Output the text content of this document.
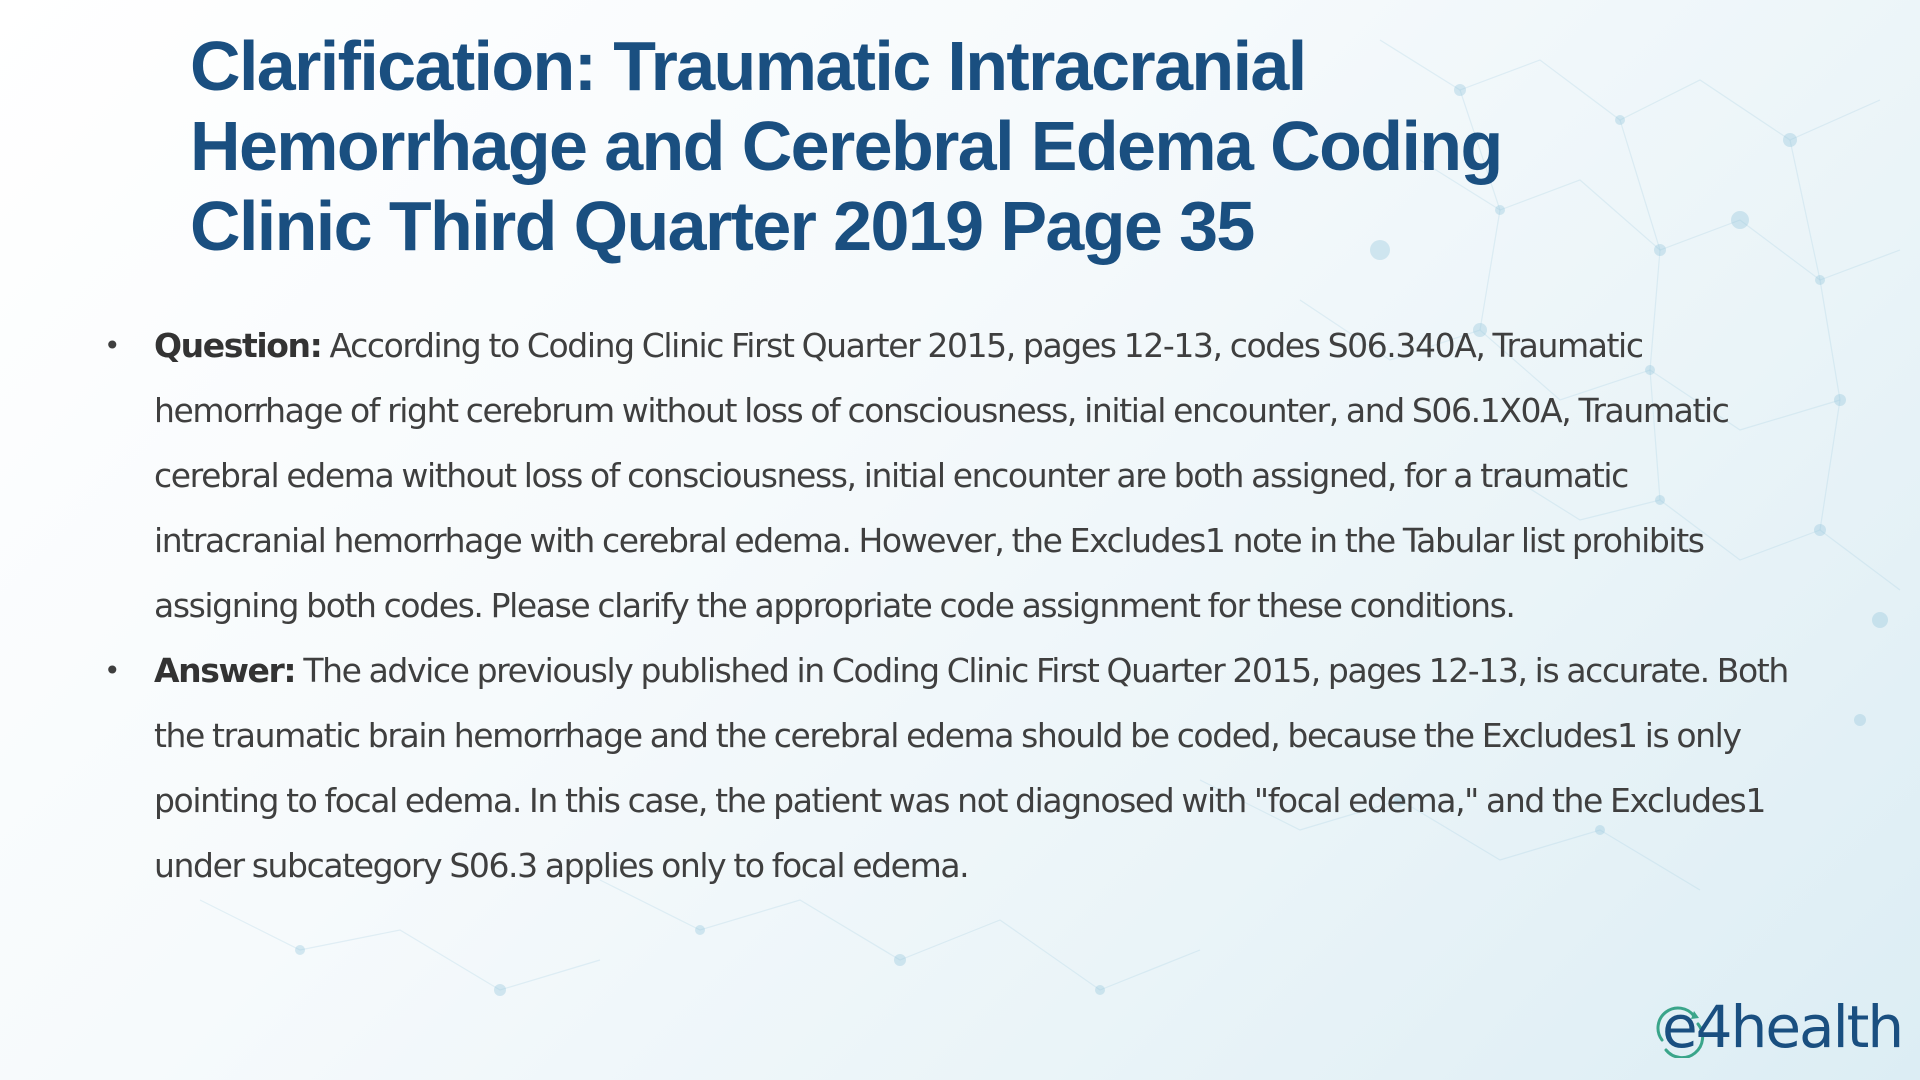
Clarification: Traumatic Intracranial
Hemorrhage and Cerebral Edema Coding
Clinic Third Quarter 2019 Page 35
• Question: According to Coding Clinic First Quarter 2015, pages 12-13, codes S06.340A, Traumatic hemorrhage of right cerebrum without loss of consciousness, initial encounter, and S06.1X0A, Traumatic cerebral edema without loss of consciousness, initial encounter are both assigned, for a traumatic intracranial hemorrhage with cerebral edema. However, the Excludes1 note in the Tabular list prohibits assigning both codes. Please clarify the appropriate code assignment for these conditions.
• Answer: The advice previously published in Coding Clinic First Quarter 2015, pages 12-13, is accurate. Both the traumatic brain hemorrhage and the cerebral edema should be coded, because the Excludes1 is only pointing to focal edema. In this case, the patient was not diagnosed with "focal edema," and the Excludes1 under subcategory S06.3 applies only to focal edema.
e4health
